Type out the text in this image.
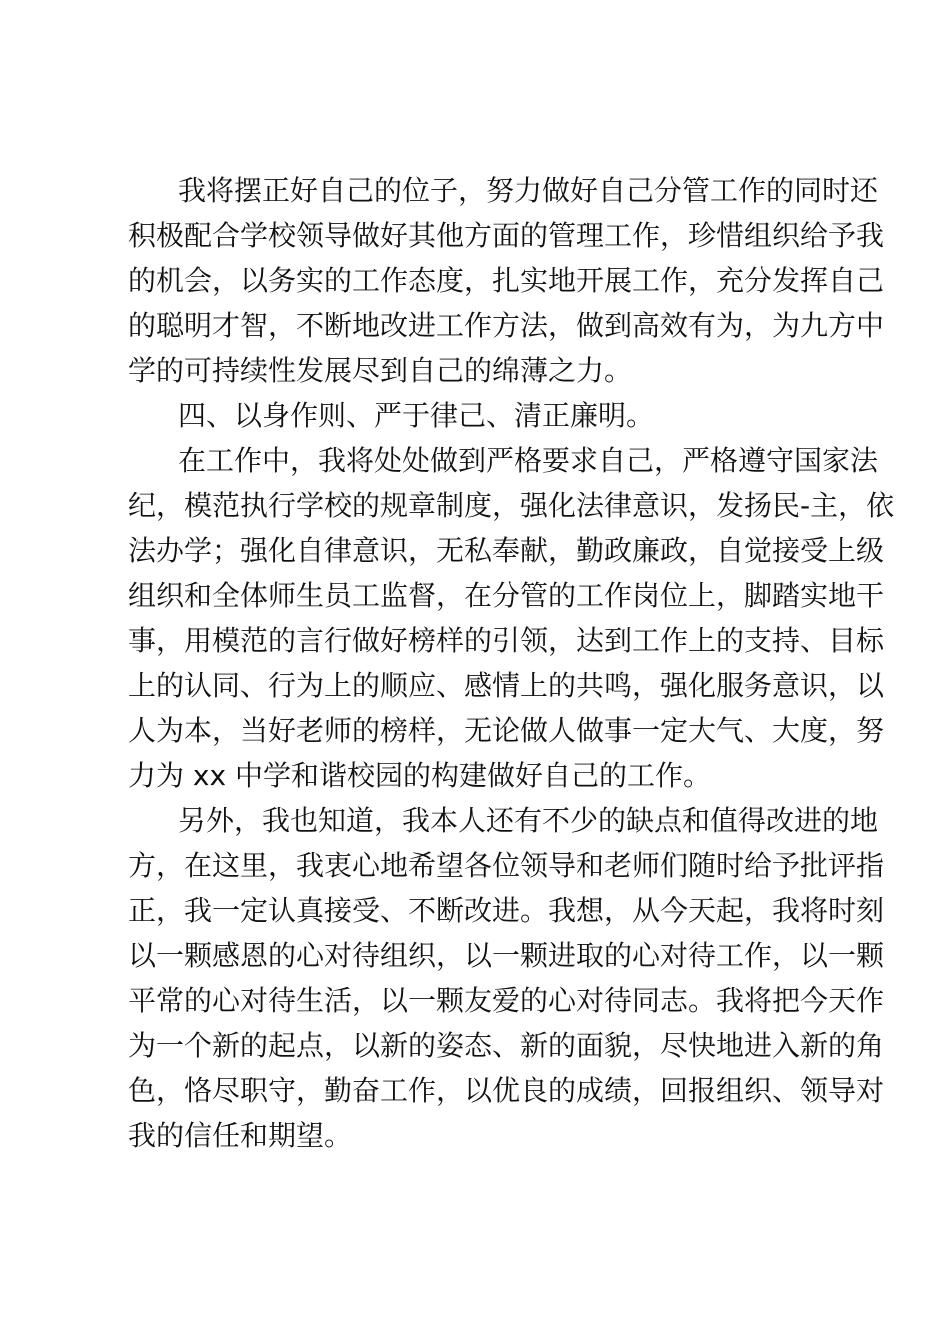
我将摆正好自己的位子，努力做好自己分管工作的同时还
积极配合学校领导做好其他方面的管理工作，珍惜组织给予我
的机会，以务实的工作态度，扎实地开展工作，充分发挥自己
的聪明才智，不断地改进工作方法，做到高效有为，为九方中
学的可持续性发展尽到自己的绵薄之力。
四、以身作则、严于律己、清正廉明。
在工作中，我将处处做到严格要求自己，严格遵守国家法
纪，模范执行学校的规章制度，强化法律意识，发扬民-主，依
法办学；强化自律意识，无私奉献，勤政廉政，自觉接受上级
组织和全体师生员工监督，在分管的工作岗位上，脚踏实地干
事，用模范的言行做好榜样的引领，达到工作上的支持、目标
上的认同、行为上的顺应、感情上的共鸣，强化服务意识，以
人为本，当好老师的榜样，无论做人做事一定大气、大度，努
力为 xx 中学和谐校园的构建做好自己的工作。
另外，我也知道，我本人还有不少的缺点和值得改进的地
方，在这里，我衷心地希望各位领导和老师们随时给予批评指
正，我一定认真接受、不断改进。我想，从今天起，我将时刻
以一颗感恩的心对待组织，以一颗进取的心对待工作，以一颗
平常的心对待生活，以一颗友爱的心对待同志。我将把今天作
为一个新的起点，以新的姿态、新的面貌，尽快地进入新的角
色，恪尽职守，勤奋工作，以优良的成绩，回报组织、领导对
我的信任和期望。
